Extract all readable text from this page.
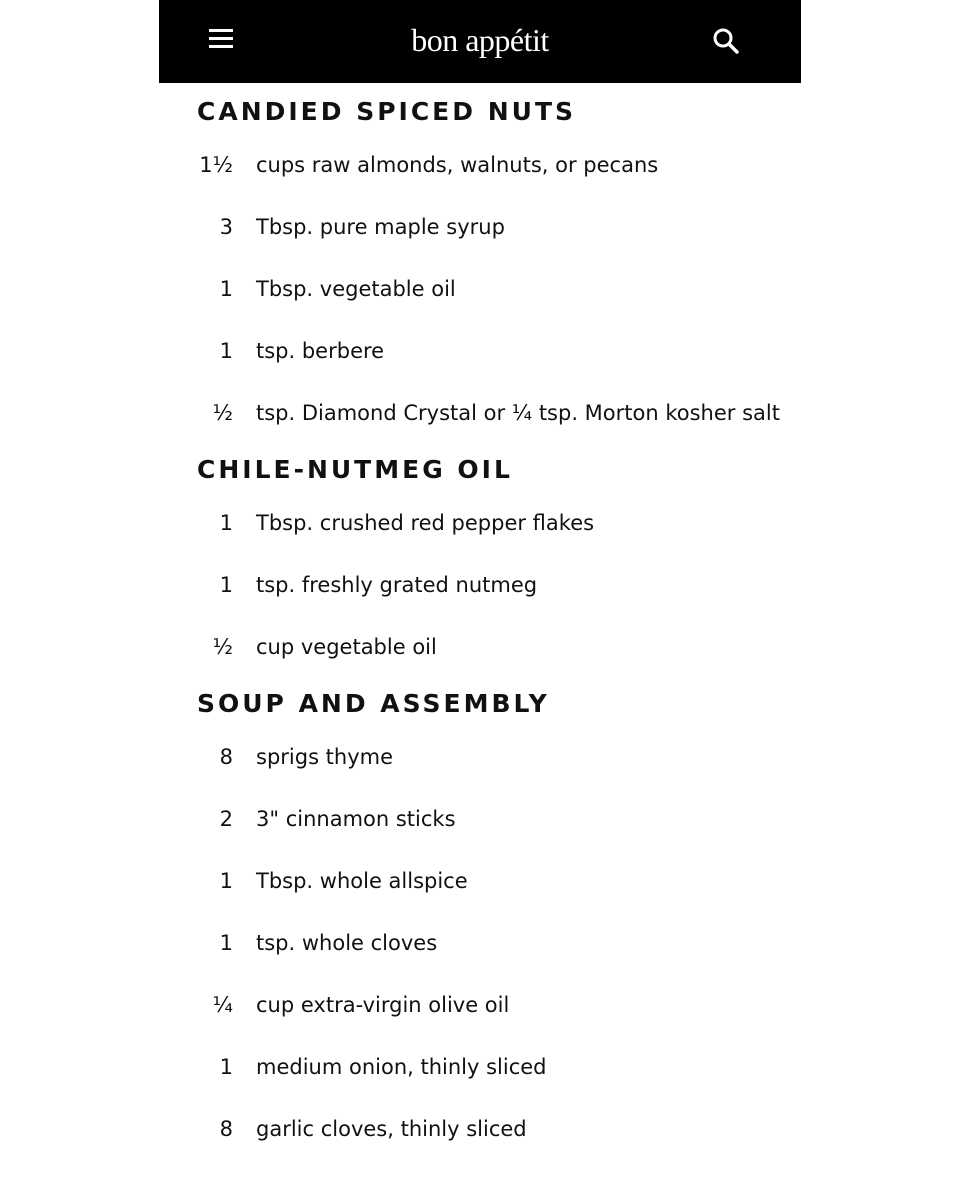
bon appétit
CANDIED SPICED NUTS
1½ cups raw almonds, walnuts, or pecans
3 Tbsp. pure maple syrup
1 Tbsp. vegetable oil
1 tsp. berbere
½ tsp. Diamond Crystal or ¼ tsp. Morton kosher salt
CHILE-NUTMEG OIL
1 Tbsp. crushed red pepper flakes
1 tsp. freshly grated nutmeg
½ cup vegetable oil
SOUP AND ASSEMBLY
8 sprigs thyme
2 3" cinnamon sticks
1 Tbsp. whole allspice
1 tsp. whole cloves
¼ cup extra-virgin olive oil
1 medium onion, thinly sliced
8 garlic cloves, thinly sliced
